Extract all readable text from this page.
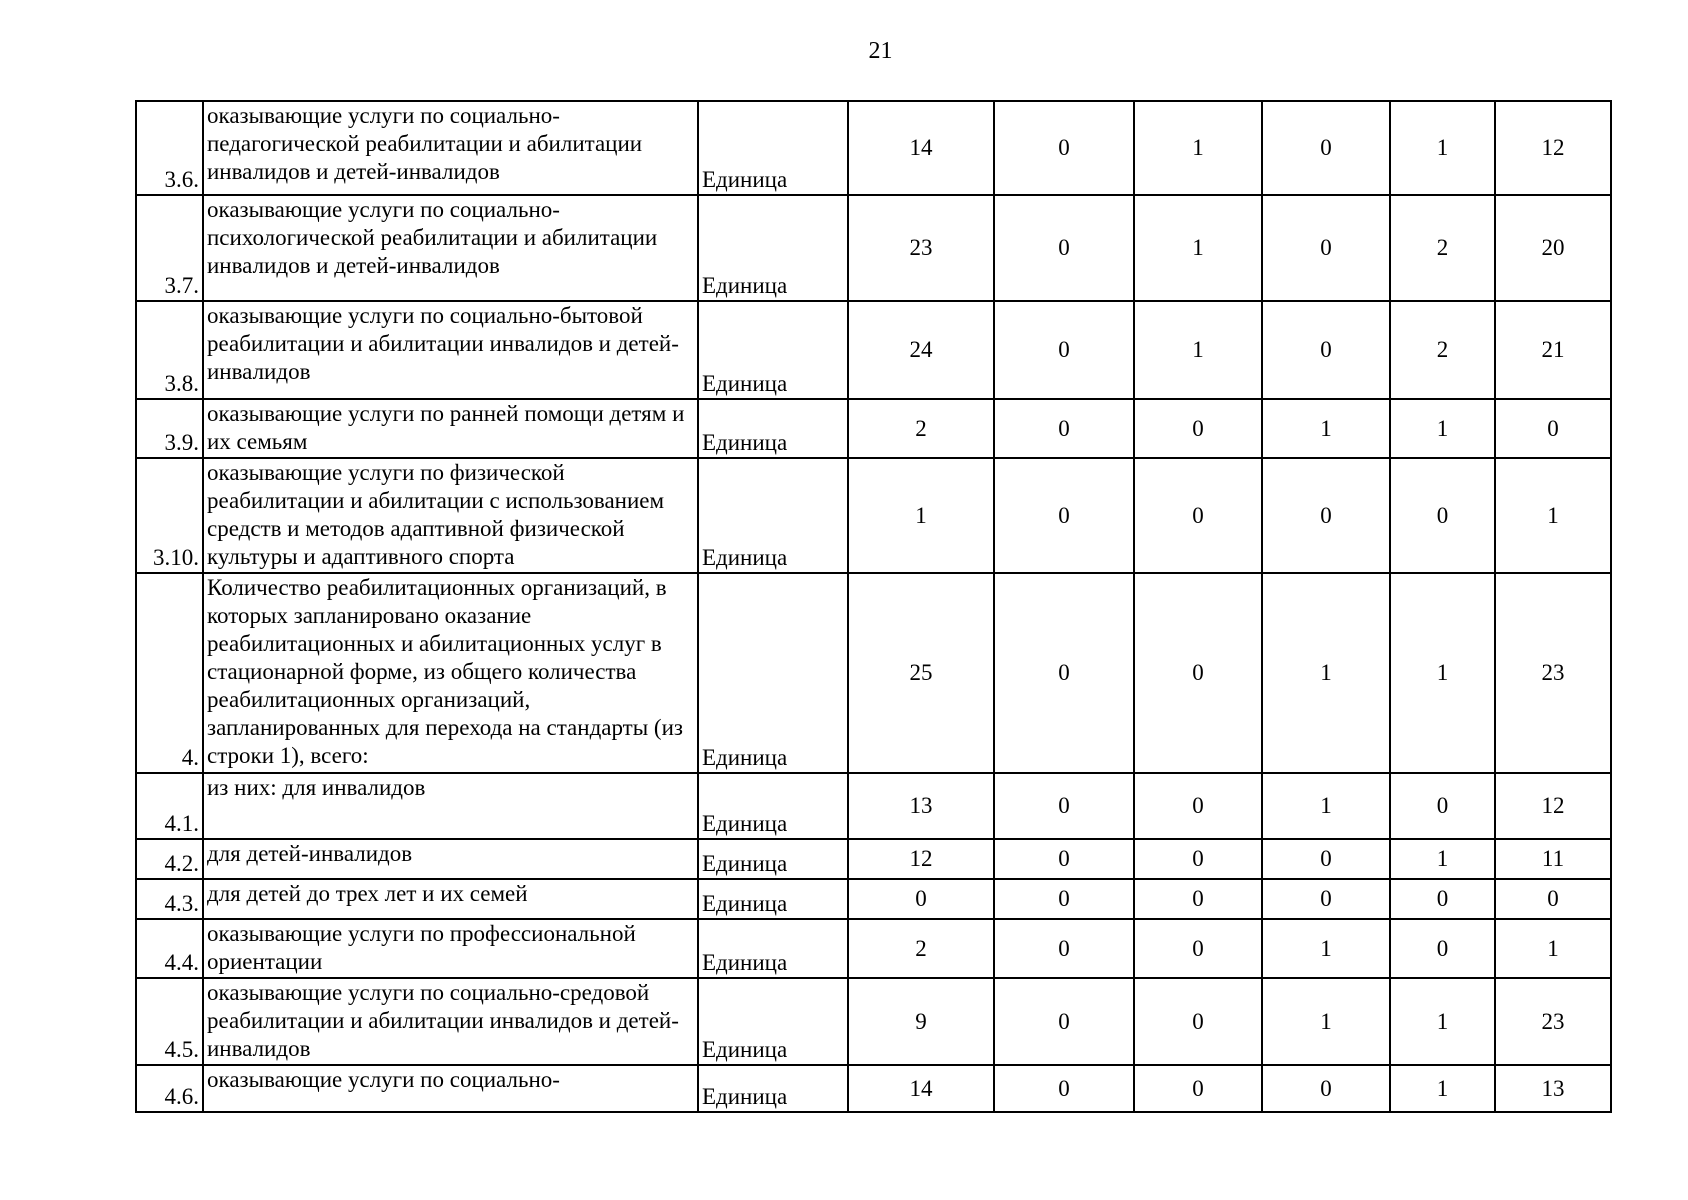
21
3.6.	оказывающие услуги по социально-педагогической реабилитации и абилитации инвалидов и детей-инвалидов	Единица	14	0	1	0	1	12
3.7.	оказывающие услуги по социально-психологической реабилитации и абилитации инвалидов и детей-инвалидов	Единица	23	0	1	0	2	20
3.8.	оказывающие услуги по социально-бытовой реабилитации и абилитации инвалидов и детей-инвалидов	Единица	24	0	1	0	2	21
3.9.	оказывающие услуги по ранней помощи детям и их семьям	Единица	2	0	0	1	1	0
3.10.	оказывающие услуги по физической реабилитации и абилитации с использованием средств и методов адаптивной физической культуры и адаптивного спорта	Единица	1	0	0	0	0	1
4.	Количество реабилитационных организаций, в которых запланировано оказание реабилитационных и абилитационных услуг в стационарной форме, из общего количества реабилитационных организаций, запланированных для перехода на стандарты (из строки 1), всего:	Единица	25	0	0	1	1	23
4.1.	из них: для инвалидов	Единица	13	0	0	1	0	12
4.2.	для детей-инвалидов	Единица	12	0	0	0	1	11
4.3.	для детей до трех лет и их семей	Единица	0	0	0	0	0	0
4.4.	оказывающие услуги по профессиональной ориентации	Единица	2	0	0	1	0	1
4.5.	оказывающие услуги по социально-средовой реабилитации и абилитации инвалидов и детей-инвалидов	Единица	9	0	0	1	1	23
4.6.	оказывающие услуги по социально-	Единица	14	0	0	0	1	13
